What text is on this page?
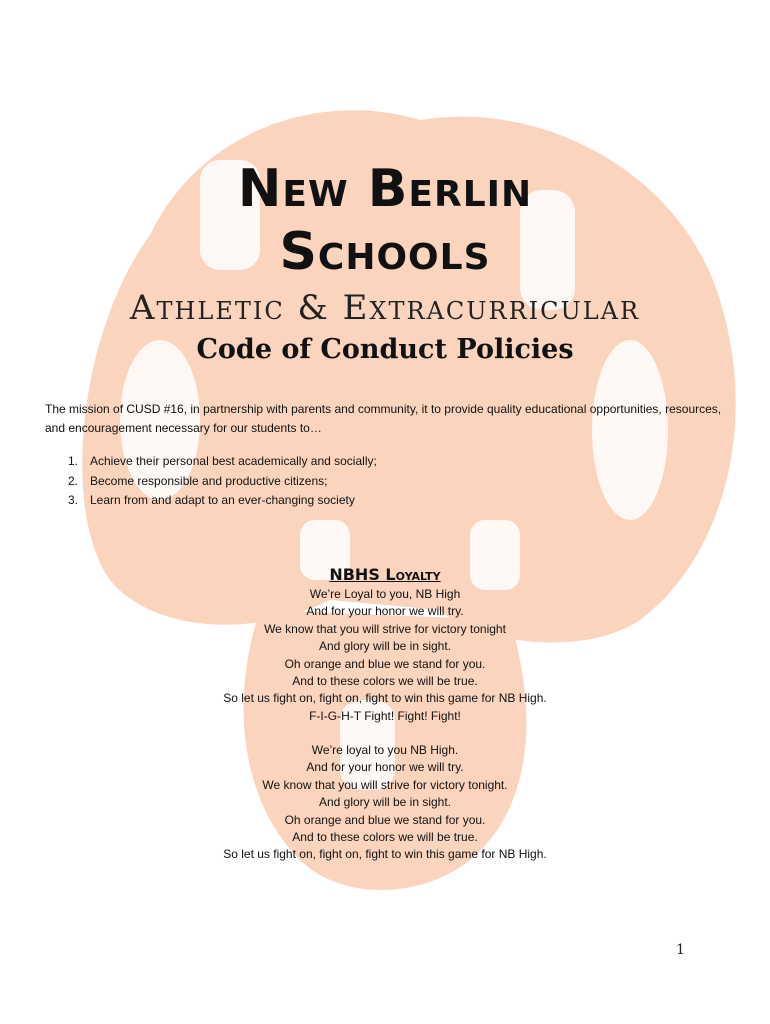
New Berlin
Schools
Athletic & Extracurricular
Code of Conduct Policies
The mission of CUSD #16, in partnership with parents and community, it to provide quality educational opportunities, resources, and encouragement necessary for our students to…
1. Achieve their personal best academically and socially;
2. Become responsible and productive citizens;
3. Learn from and adapt to an ever-changing society
NBHS Loyalty
We’re Loyal to you, NB High
And for your honor we will try.
We know that you will strive for victory tonight
And glory will be in sight.
Oh orange and blue we stand for you.
And to these colors we will be true.
So let us fight on, fight on, fight to win this game for NB High.
F-I-G-H-T Fight! Fight! Fight!
We’re loyal to you NB High.
And for your honor we will try.
We know that you will strive for victory tonight.
And glory will be in sight.
Oh orange and blue we stand for you.
And to these colors we will be true.
So let us fight on, fight on, fight to win this game for NB High.
1
